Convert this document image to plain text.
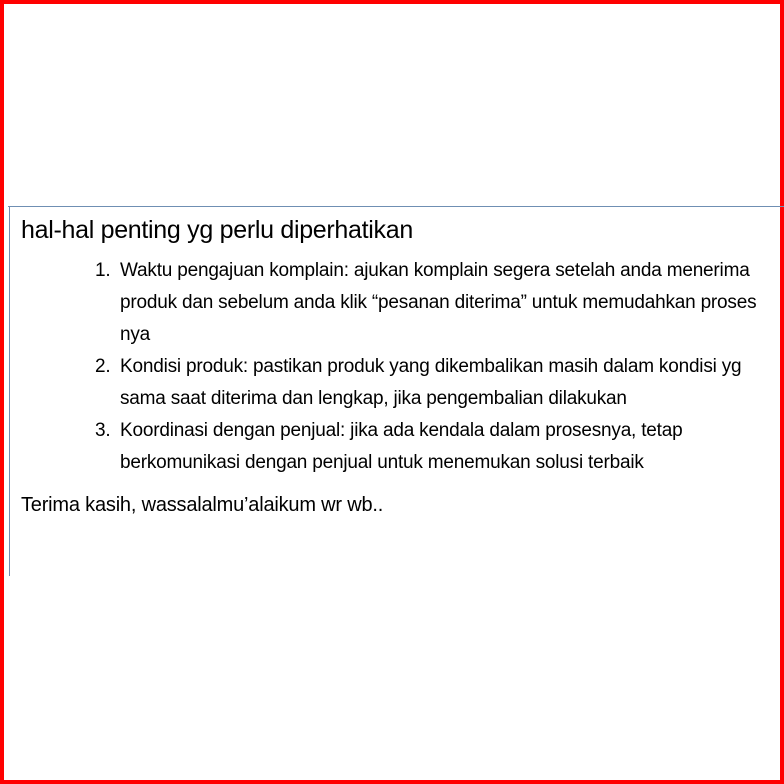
hal-hal penting yg perlu diperhatikan

1. Waktu pengajuan komplain: ajukan komplain segera setelah anda menerima produk dan sebelum anda klik “pesanan diterima” untuk memudahkan proses nya
2. Kondisi produk: pastikan produk yang dikembalikan masih dalam kondisi yg sama saat diterima dan lengkap, jika pengembalian dilakukan
3. Koordinasi dengan penjual: jika ada kendala dalam prosesnya, tetap berkomunikasi dengan penjual untuk menemukan solusi terbaik

Terima kasih, wassalalmu’alaikum wr wb..
